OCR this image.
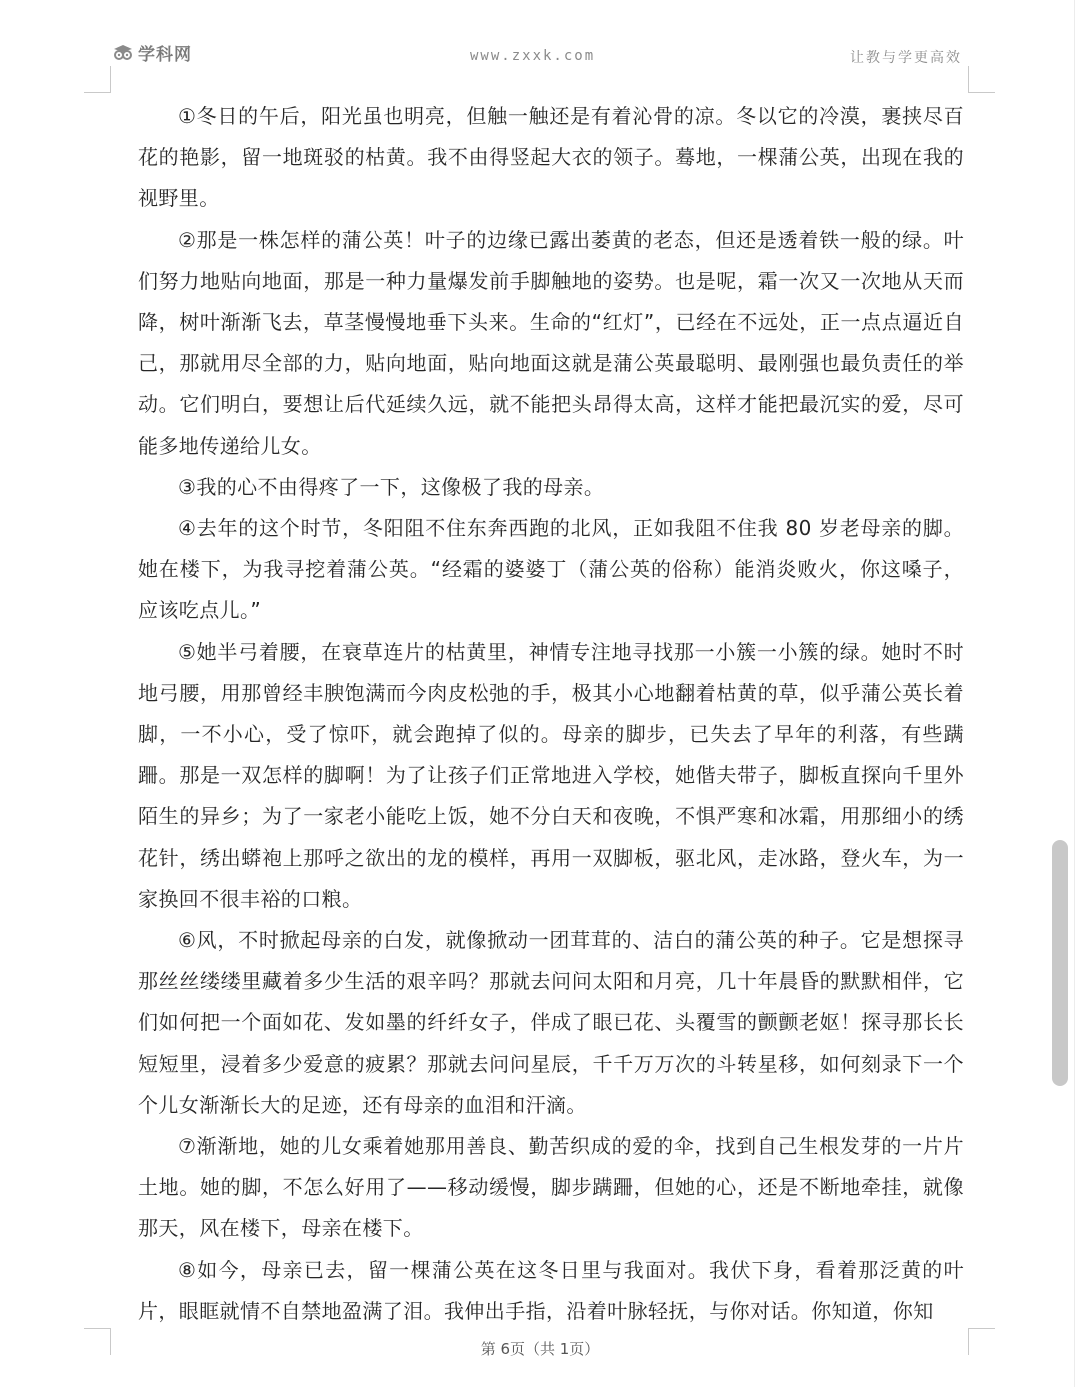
学科网	www.zxxk.com	让教与学更高效

①冬日的午后，阳光虽也明亮，但触一触还是有着沁骨的凉。冬以它的冷漠，裹挟尽百花的艳影，留一地斑驳的枯黄。我不由得竖起大衣的领子。蓦地，一棵蒲公英，出现在我的视野里。

②那是一株怎样的蒲公英！叶子的边缘已露出萎黄的老态，但还是透着铁一般的绿。叶们努力地贴向地面，那是一种力量爆发前手脚触地的姿势。也是呢，霜一次又一次地从天而降，树叶渐渐飞去，草茎慢慢地垂下头来。生命的“红灯”，已经在不远处，正一点点逼近自己，那就用尽全部的力，贴向地面，贴向地面这就是蒲公英最聪明、最刚强也最负责任的举动。它们明白，要想让后代延续久远，就不能把头昂得太高，这样才能把最沉实的爱，尽可能多地传递给儿女。

③我的心不由得疼了一下，这像极了我的母亲。

④去年的这个时节，冬阳阻不住东奔西跑的北风，正如我阻不住我 80 岁老母亲的脚。她在楼下，为我寻挖着蒲公英。“经霜的婆婆丁（蒲公英的俗称）能消炎败火，你这嗓子，应该吃点儿。”

⑤她半弓着腰，在衰草连片的枯黄里，神情专注地寻找那一小簇一小簇的绿。她时不时地弓腰，用那曾经丰腴饱满而今肉皮松弛的手，极其小心地翻着枯黄的草，似乎蒲公英长着脚，一不小心，受了惊吓，就会跑掉了似的。母亲的脚步，已失去了早年的利落，有些蹒跚。那是一双怎样的脚啊！为了让孩子们正常地进入学校，她偕夫带子，脚板直探向千里外陌生的异乡；为了一家老小能吃上饭，她不分白天和夜晚，不惧严寒和冰霜，用那细小的绣花针，绣出蟒袍上那呼之欲出的龙的模样，再用一双脚板，驱北风，走冰路，登火车，为一家换回不很丰裕的口粮。

⑥风，不时掀起母亲的白发，就像掀动一团茸茸的、洁白的蒲公英的种子。它是想探寻那丝丝缕缕里藏着多少生活的艰辛吗？那就去问问太阳和月亮，几十年晨昏的默默相伴，它们如何把一个面如花、发如墨的纤纤女子，伴成了眼已花、头覆雪的颤颤老妪！探寻那长长短短里，浸着多少爱意的疲累？那就去问问星辰，千千万万次的斗转星移，如何刻录下一个个儿女渐渐长大的足迹，还有母亲的血泪和汗滴。

⑦渐渐地，她的儿女乘着她那用善良、勤苦织成的爱的伞，找到自己生根发芽的一片片土地。她的脚，不怎么好用了——移动缓慢，脚步蹒跚，但她的心，还是不断地牵挂，就像那天，风在楼下，母亲在楼下。

⑧如今，母亲已去，留一棵蒲公英在这冬日里与我面对。我伏下身，看着那泛黄的叶片，眼眶就情不自禁地盈满了泪。我伸出手指，沿着叶脉轻抚，与你对话。你知道，你知

第 6页（共 1页）
